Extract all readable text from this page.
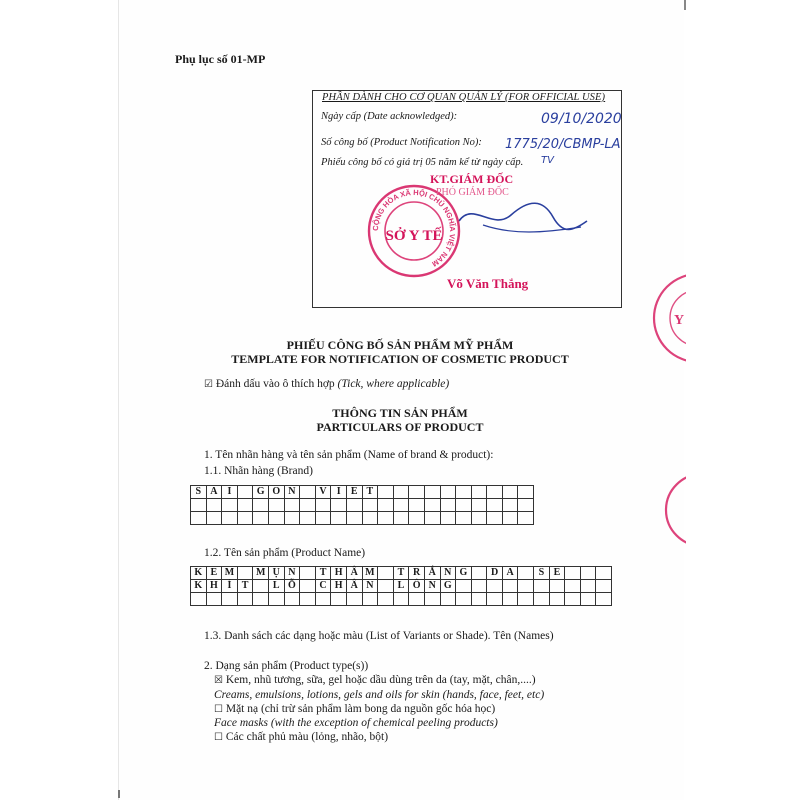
Phụ lục số 01-MP
PHẦN DÀNH CHO CƠ QUAN QUẢN LÝ (FOR OFFICIAL USE)
Ngày cấp (Date acknowledged):	09/10/2020
Số công bố (Product Notification No): 1775/20/CBMP-LA
Phiếu công bố có giá trị 05 năm kể từ ngày cấp. TV
CỘNG HÒA XÃ HỘI CHỦ NGHĨA VIỆT NAM
SỞ Y TẾ
KT.GIÁM ĐỐC
PHÓ GIÁM ĐỐC
Võ Văn Thắng
Y
PHIẾU CÔNG BỐ SẢN PHẨM MỸ PHẨM
TEMPLATE FOR NOTIFICATION OF COSMETIC PRODUCT
☑ Đánh dấu vào ô thích hợp (Tick, where applicable)
THÔNG TIN SẢN PHẨM
PARTICULARS OF PRODUCT
1. Tên nhãn hàng và tên sản phẩm (Name of brand & product):
1.1. Nhãn hàng (Brand)
S	A	I		G	O	N		V	I	E	T										

1.2. Tên sản phẩm (Product Name)
K	E	M		M	Ụ	N		T	H	Â	M		T	R	Ắ	N	G		D	A		S	E			
K	H	Í	T		L	Ỗ		C	H	Â	N		L	Ô	N	G										

1.3. Danh sách các dạng hoặc màu (List of Variants or Shade). Tên (Names)
2. Dạng sản phẩm (Product type(s))
☒ Kem, nhũ tương, sữa, gel hoặc dầu dùng trên da (tay, mặt, chân,....)
Creams, emulsions, lotions, gels and oils for skin (hands, face, feet, etc)
☐ Mặt nạ (chỉ trừ sản phẩm làm bong da nguồn gốc hóa học)
Face masks (with the exception of chemical peeling products)
☐ Các chất phủ màu (lỏng, nhão, bột)
